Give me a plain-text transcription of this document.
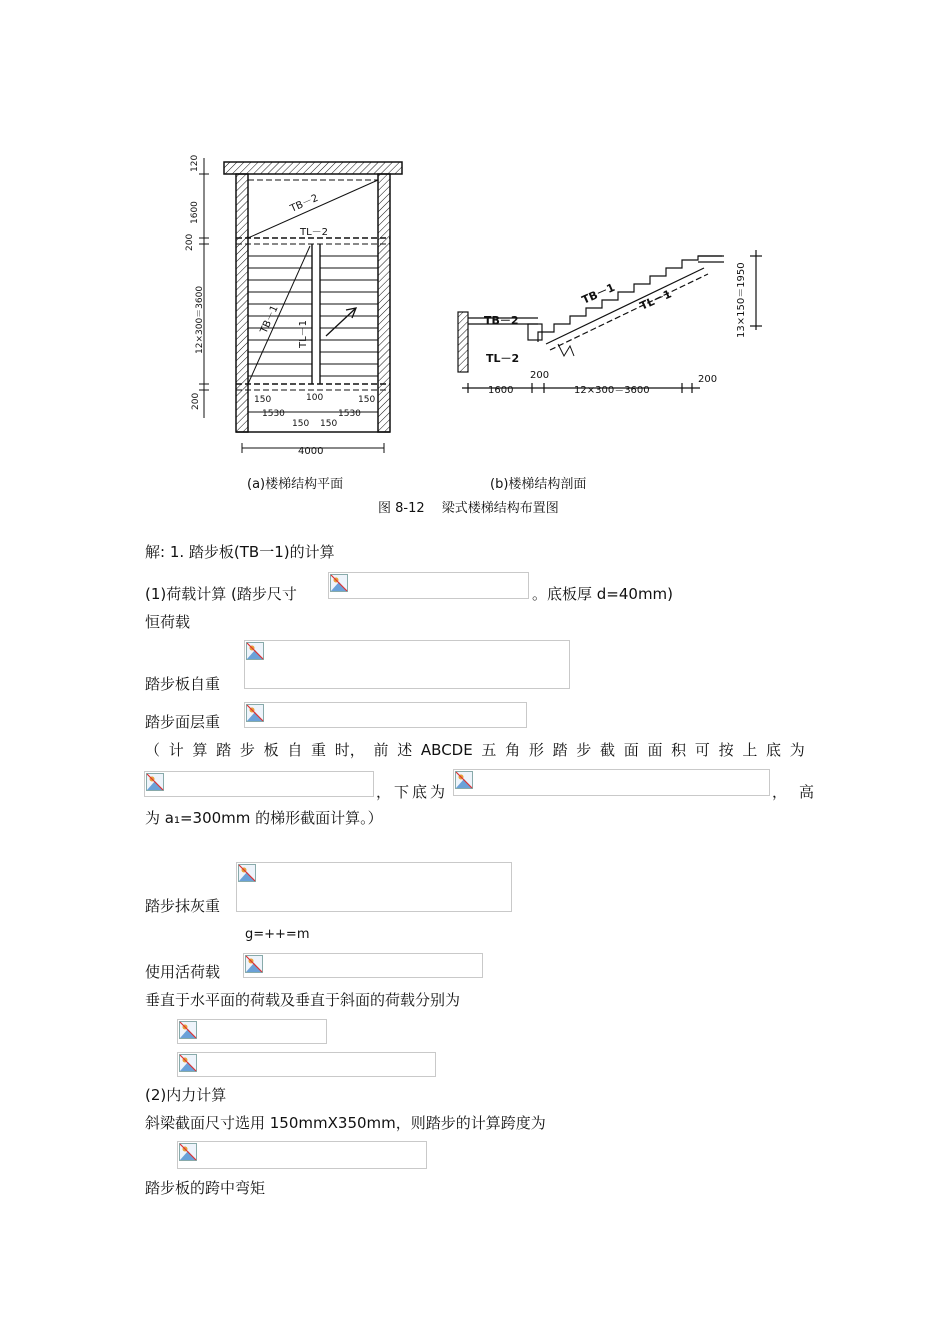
TB－2
TL－2
TB－1 TL－1
120
1600
200
12×300＝3600
200	150	100	150
1530	1530
150 150
4000
TB－2
TL－2
TB－1 TL－1	13×150＝1950
1600
200
12×300＝3600
200
(a)楼梯结构平面	(b)楼梯结构剖面
图 8-12　 梁式楼梯结构布置图
解: 1. 踏步板(TB一1)的计算
(1)荷载计算 (踏步尺寸	。底板厚 d=40mm)
恒荷载
踏步板自重
踏步面层重
（ 计 算 踏 步 板 自 重 时， 前 述 ABCDE 五 角 形 踏 步 截 面 面 积 可 按 上 底 为
，下底为	，高
为 a₁=300mm 的梯形截面计算。）
踏步抹灰重
g=++=m
使用活荷载
垂直于水平面的荷载及垂直于斜面的荷载分别为
(2)内力计算
斜梁截面尺寸选用 150mmX350mm，则踏步的计算跨度为
踏步板的跨中弯矩
